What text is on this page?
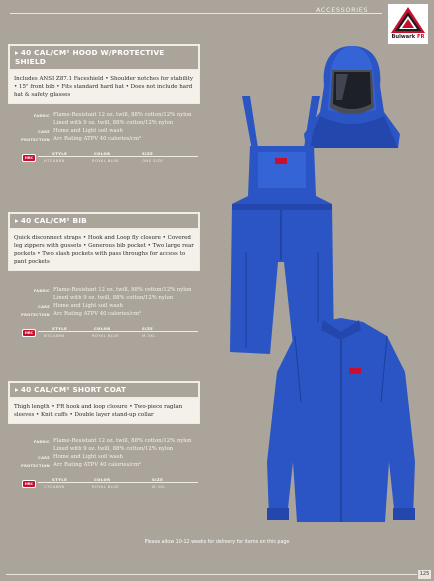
ACCESSORIES
Bulwark FR
▸ 40 CAL/CM² HOOD W/PROTECTIVE
SHIELD
Includes ANSI Z87.1 Faceshield • Shoulder notches for stability • 15" front bib • Fits standard hard hat • Does not include hard hat & safety glasses
FABRIC Flame-Resistant 12 oz. twill, 88% cotton/12% nylon
Lined with 9 oz. twill, 88% cotton/12% nylon
CARE Home and Light soil wash
PROTECTION Arc Rating ATPV 40 calories/cm²
HRC
STYLE	COLOR	SIZE
HTCA8RB	ROYAL BLUE	ONE SIZE
▸ 40 CAL/CM² BIB
Quick disconnect straps • Hook and Loop fly closure • Covered leg zippers with gussets • Generous bib pocket • Two large rear pockets • Two slash pockets with pass throughs for access to pant pockets
FABRIC Flame-Resistant 12 oz. twill, 88% cotton/12% nylon
Lined with 9 oz. twill, 88% cotton/12% nylon
CARE Home and Light soil wash
PROTECTION Arc Rating ATPV 40 calories/cm²
HRC
STYLE	COLOR	SIZE
BTCA8RB	ROYAL BLUE	M-3XL
▸ 40 CAL/CM² SHORT COAT
Thigh length • FR hook and loop closure • Two-piece raglan sleeves • Knit cuffs • Double layer stand-up collar
FABRIC Flame-Resistant 12 oz. twill, 88% cotton/12% nylon
Lined with 9 oz. twill, 88% cotton/12% nylon
CARE Home and Light soil wash
PROTECTION Arc Rating ATPV 40 calories/cm²
HRC
STYLE	COLOR	SIZE
CTCA8RB	ROYAL BLUE	M-3XL
Please allow 10-12 weeks for delivery for items on this page
125
